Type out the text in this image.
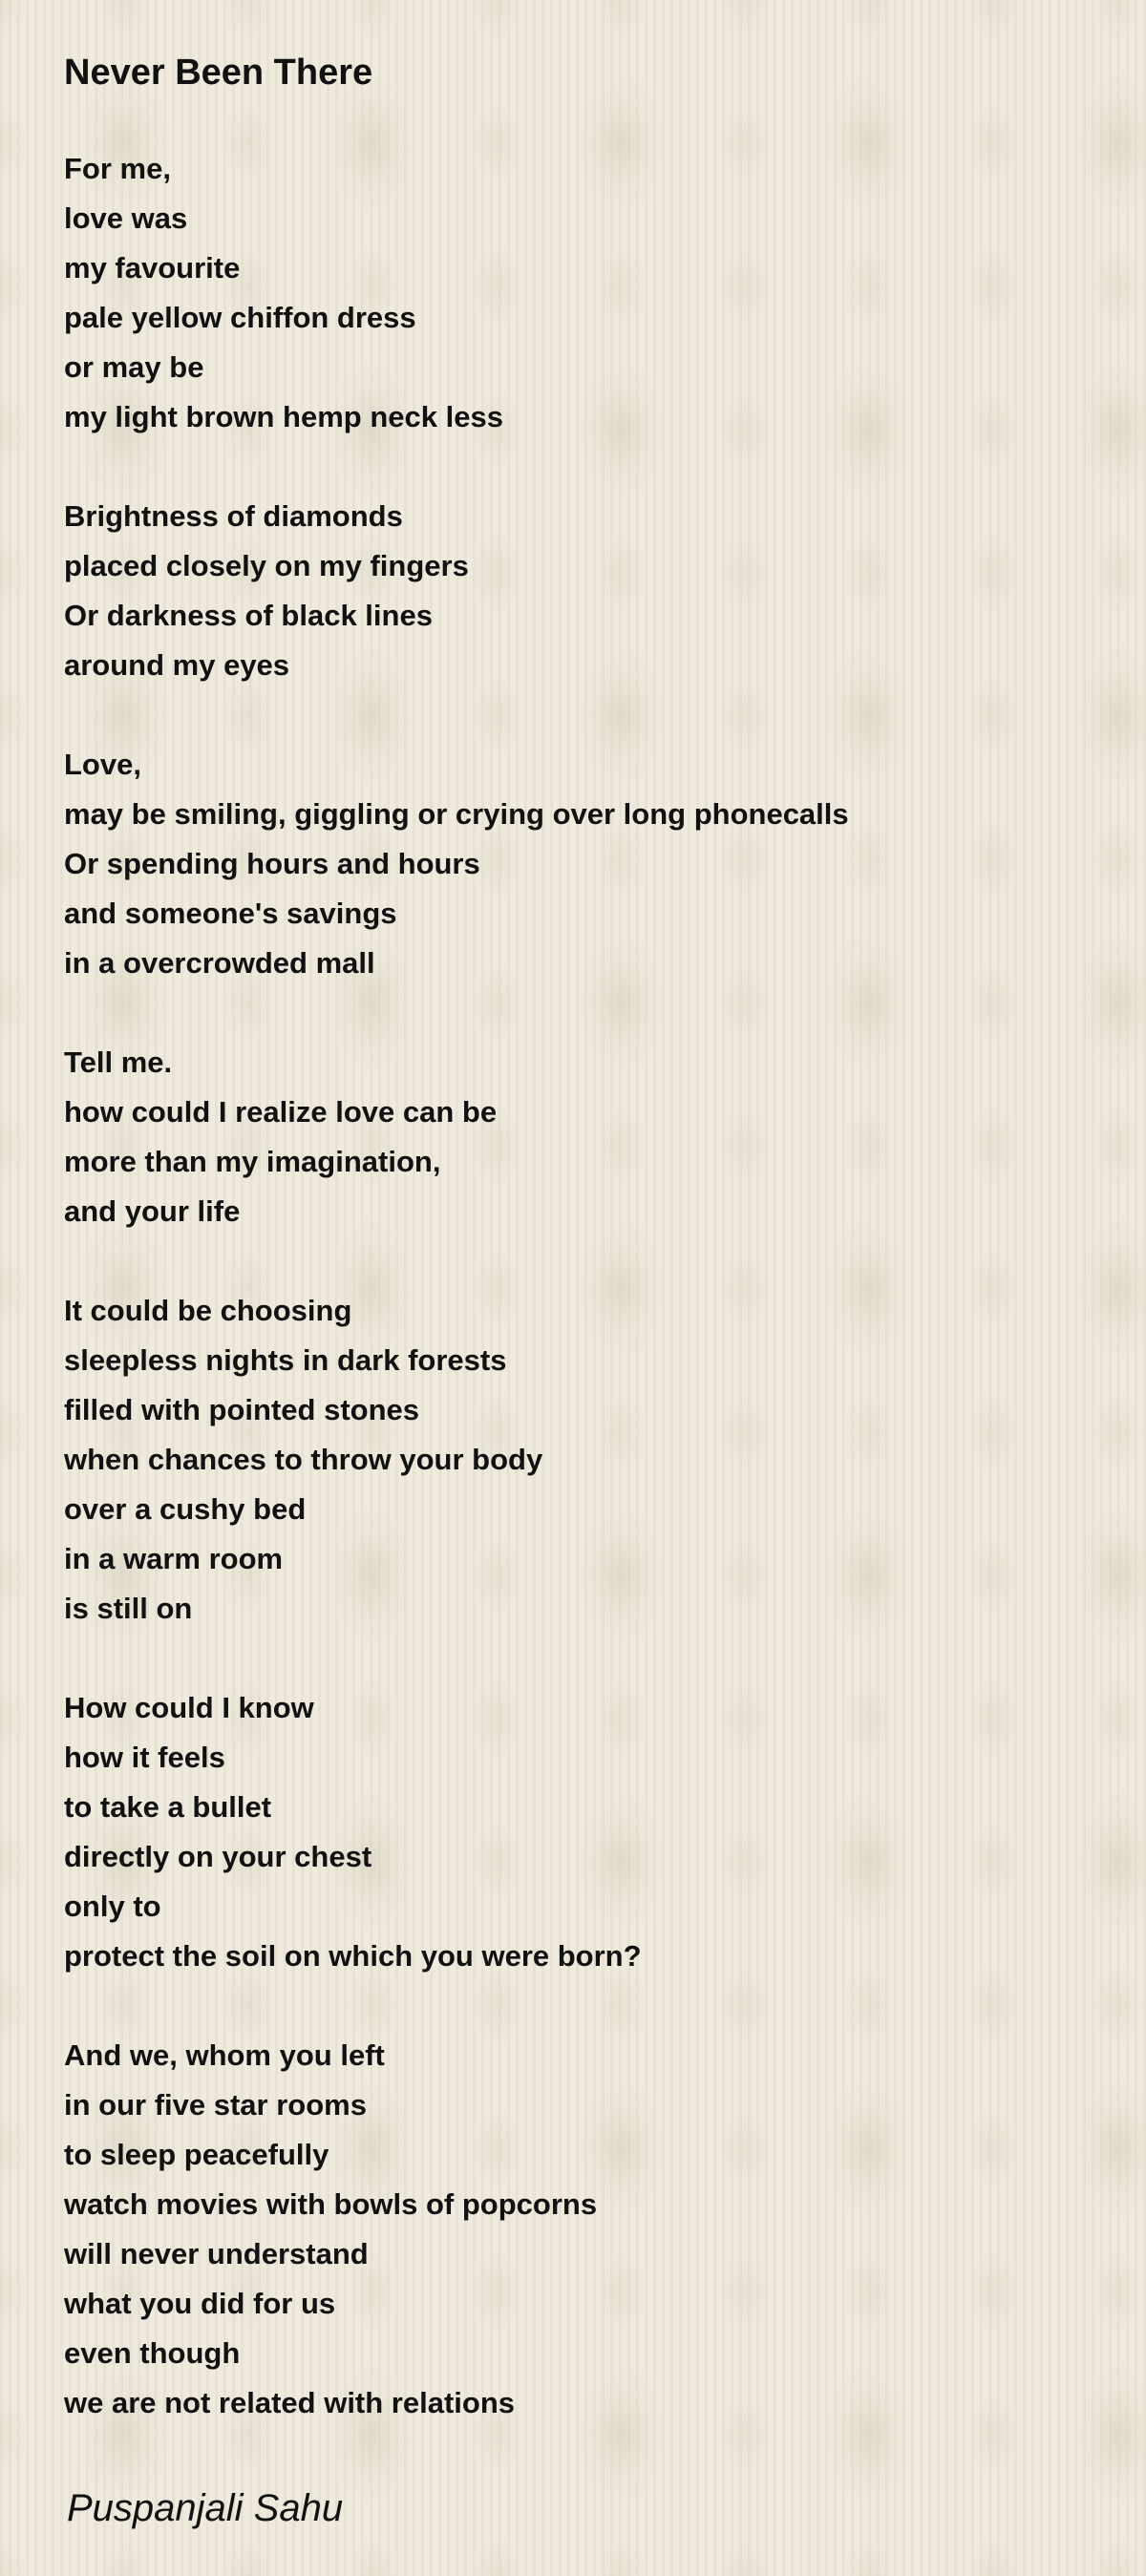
Never Been There
For me,
love was
my favourite
pale yellow chiffon dress
or may be
my light brown hemp neck less
Brightness of diamonds
placed closely on my fingers
Or darkness of black lines
around my eyes
Love,
may be smiling, giggling or crying over long phonecalls
Or spending hours and hours
and someone's savings
in a overcrowded mall
Tell me.
how could I realize love can be
more than my imagination,
and your life
It could be choosing
sleepless nights in dark forests
filled with pointed stones
when chances to throw your body
over a cushy bed
in a warm room
is still on
How could I know
how it feels
to take a bullet
directly on your chest
only to
protect the soil on which you were born?
And we, whom you left
in our five star rooms
to sleep peacefully
watch movies with bowls of popcorns
will never understand
what you did for us
even though
we are not related with relations
Puspanjali Sahu
